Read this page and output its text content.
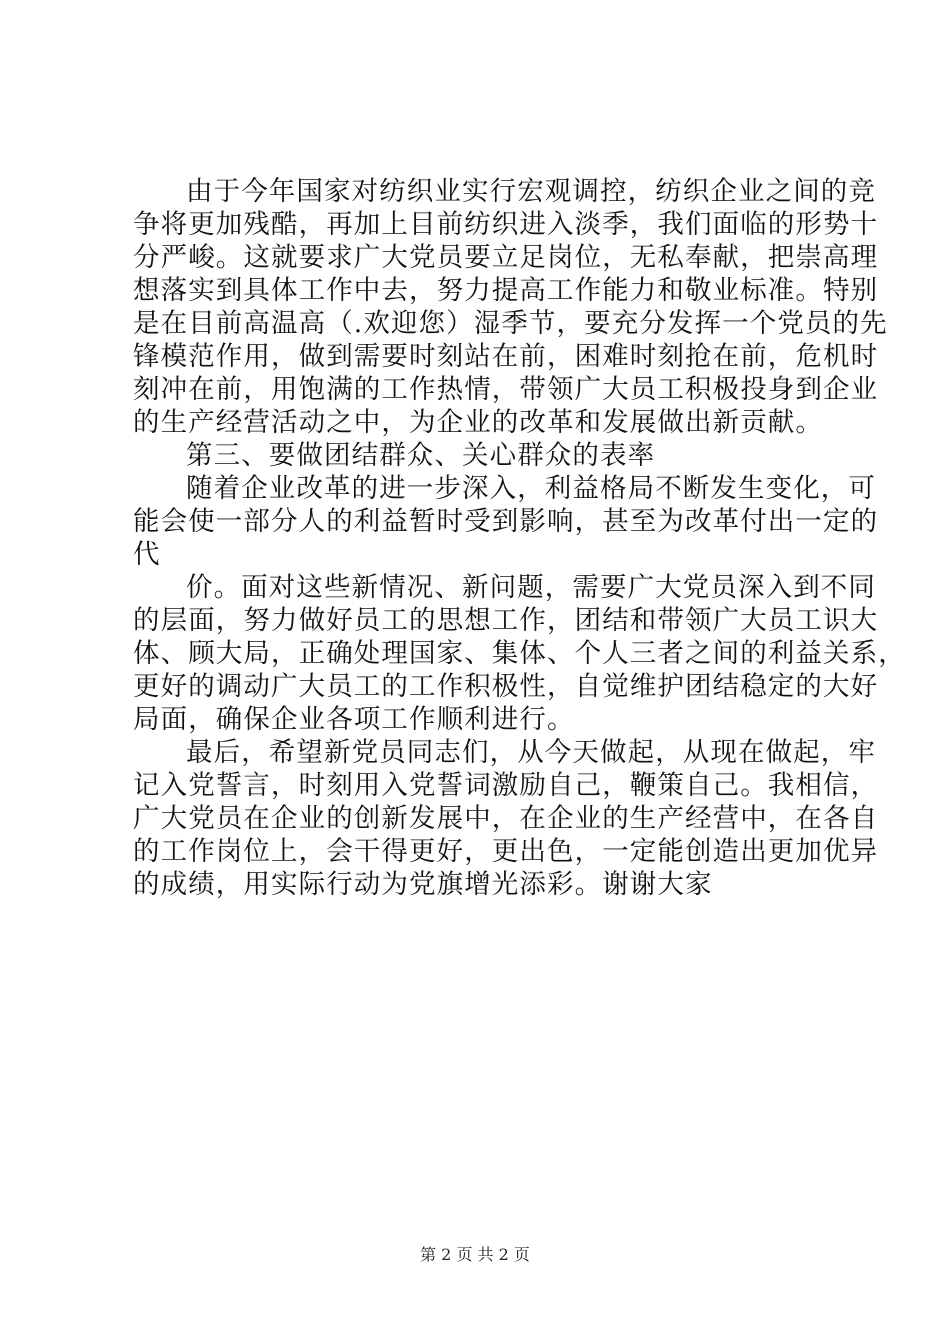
由于今年国家对纺织业实行宏观调控，纺织企业之间的竞
争将更加残酷，再加上目前纺织进入淡季，我们面临的形势十
分严峻。这就要求广大党员要立足岗位，无私奉献，把崇高理
想落实到具体工作中去，努力提高工作能力和敬业标准。特别
是在目前高温高（.欢迎您）湿季节，要充分发挥一个党员的先
锋模范作用，做到需要时刻站在前，困难时刻抢在前，危机时
刻冲在前，用饱满的工作热情，带领广大员工积极投身到企业
的生产经营活动之中，为企业的改革和发展做出新贡献。
第三、要做团结群众、关心群众的表率
随着企业改革的进一步深入，利益格局不断发生变化，可
能会使一部分人的利益暂时受到影响，甚至为改革付出一定的
代
价。面对这些新情况、新问题，需要广大党员深入到不同
的层面，努力做好员工的思想工作，团结和带领广大员工识大
体、顾大局，正确处理国家、集体、个人三者之间的利益关系，
更好的调动广大员工的工作积极性，自觉维护团结稳定的大好
局面，确保企业各项工作顺利进行。
最后，希望新党员同志们，从今天做起，从现在做起，牢
记入党誓言，时刻用入党誓词激励自己，鞭策自己。我相信，
广大党员在企业的创新发展中，在企业的生产经营中，在各自
的工作岗位上，会干得更好，更出色，一定能创造出更加优异
的成绩，用实际行动为党旗增光添彩。谢谢大家
第 2 页 共 2 页
